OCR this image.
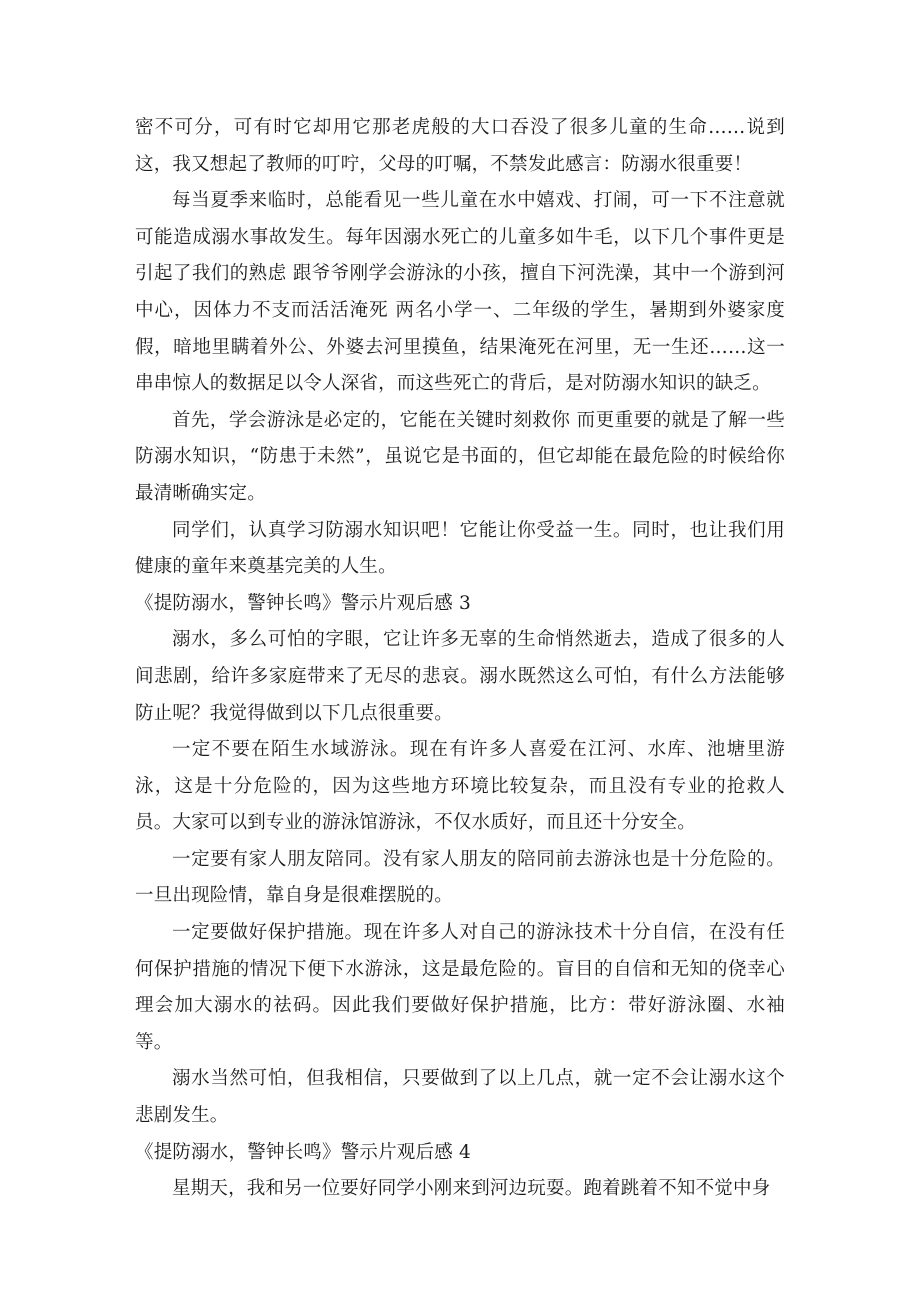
密不可分，可有时它却用它那老虎般的大口吞没了很多儿童的生命……说到这，我又想起了教师的叮咛，父母的叮嘱，不禁发此感言：防溺水很重要！

每当夏季来临时，总能看见一些儿童在水中嬉戏、打闹，可一下不注意就可能造成溺水事故发生。每年因溺水死亡的儿童多如牛毛，以下几个事件更是引起了我们的熟虑 跟爷爷刚学会游泳的小孩，擅自下河洗澡，其中一个游到河中心，因体力不支而活活淹死 两名小学一、二年级的学生，暑期到外婆家度假，暗地里瞒着外公、外婆去河里摸鱼，结果淹死在河里，无一生还……这一串串惊人的数据足以令人深省，而这些死亡的背后，是对防溺水知识的缺乏。

首先，学会游泳是必定的，它能在关键时刻救你 而更重要的就是了解一些防溺水知识，“防患于未然”，虽说它是书面的，但它却能在最危险的时候给你最清晰确实定。

同学们，认真学习防溺水知识吧！它能让你受益一生。同时，也让我们用健康的童年来奠基完美的人生。

《提防溺水，警钟长鸣》警示片观后感 3

溺水，多么可怕的字眼，它让许多无辜的生命悄然逝去，造成了很多的人间悲剧，给许多家庭带来了无尽的悲哀。溺水既然这么可怕，有什么方法能够防止呢？我觉得做到以下几点很重要。

一定不要在陌生水域游泳。现在有许多人喜爱在江河、水库、池塘里游泳，这是十分危险的，因为这些地方环境比较复杂，而且没有专业的抢救人员。大家可以到专业的游泳馆游泳，不仅水质好，而且还十分安全。

一定要有家人朋友陪同。没有家人朋友的陪同前去游泳也是十分危险的。一旦出现险情，靠自身是很难摆脱的。

一定要做好保护措施。现在许多人对自己的游泳技术十分自信，在没有任何保护措施的情况下便下水游泳，这是最危险的。盲目的自信和无知的侥幸心理会加大溺水的祛码。因此我们要做好保护措施，比方：带好游泳圈、水袖等。

溺水当然可怕，但我相信，只要做到了以上几点，就一定不会让溺水这个悲剧发生。

《提防溺水，警钟长鸣》警示片观后感 4

星期天，我和另一位要好同学小刚来到河边玩耍。跑着跳着不知不觉中身
